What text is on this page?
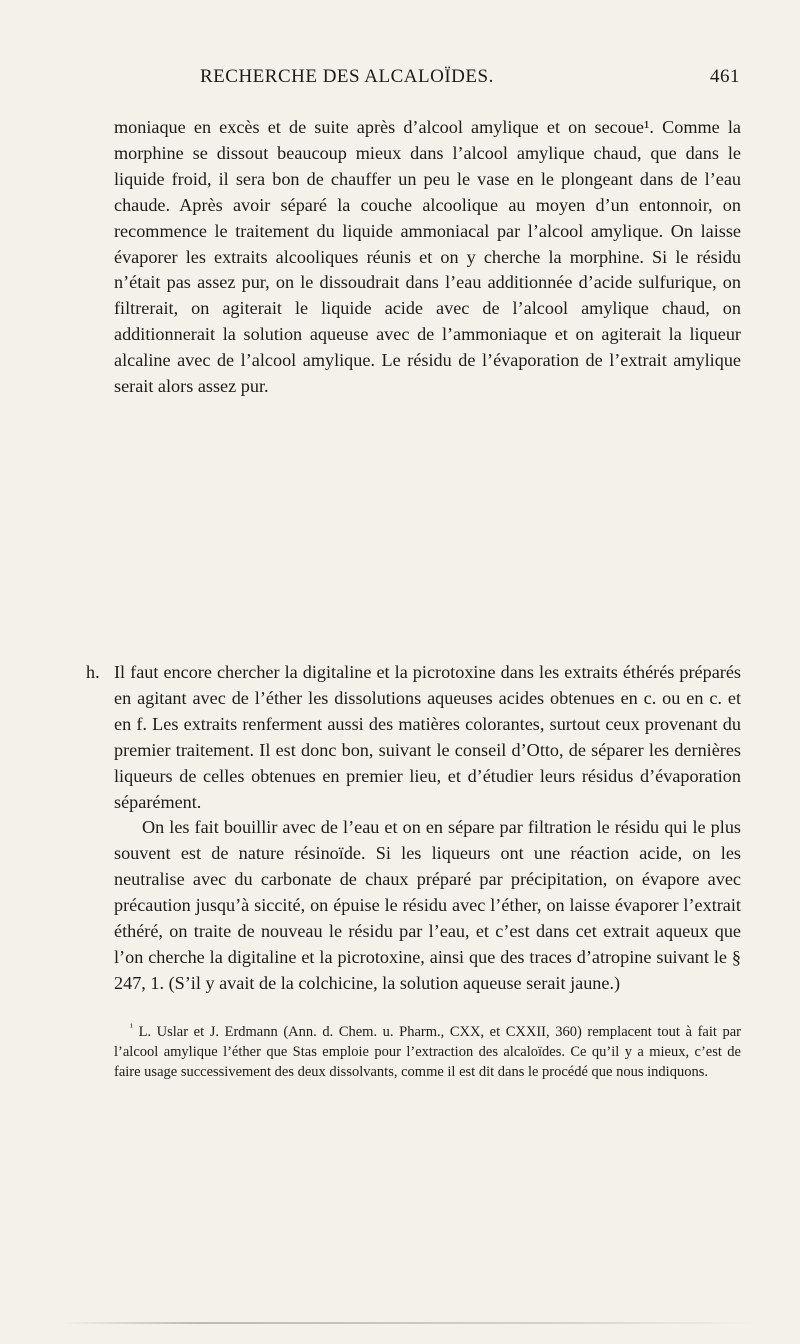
RECHERCHE DES ALCALOÏDES.	461

moniaque en excès et de suite après d’alcool amylique et on secoue¹. Comme la morphine se dissout beaucoup mieux dans l’alcool amylique chaud, que dans le liquide froid, il sera bon de chauffer un peu le vase en le plongeant dans de l’eau chaude. Après avoir séparé la couche alcoolique au moyen d’un entonnoir, on recommence le traitement du liquide ammoniacal par l’alcool amylique. On laisse évaporer les extraits alcooliques réunis et on y cherche la morphine. Si le résidu n’était pas assez pur, on le dissoudrait dans l’eau additionnée d’acide sulfurique, on filtrerait, on agiterait le liquide acide avec de l’alcool amylique chaud, on additionnerait la solution aqueuse avec de l’ammoniaque et on agiterait la liqueur alcaline avec de l’alcool amylique. Le résidu de l’évaporation de l’extrait amylique serait alors assez pur.

h. Il faut encore chercher la digitaline et la picrotoxine dans les extraits éthérés préparés en agitant avec de l’éther les dissolutions aqueuses acides obtenues en c. ou en c. et en f. Les extraits renferment aussi des matières colorantes, surtout ceux provenant du premier traitement. Il est donc bon, suivant le conseil d’Otto, de séparer les dernières liqueurs de celles obtenues en premier lieu, et d’étudier leurs résidus d’évaporation séparément.

On les fait bouillir avec de l’eau et on en sépare par filtration le résidu qui le plus souvent est de nature résinoïde. Si les liqueurs ont une réaction acide, on les neutralise avec du carbonate de chaux préparé par précipitation, on évapore avec précaution jusqu’à siccité, on épuise le résidu avec l’éther, on laisse évaporer l’extrait éthéré, on traite de nouveau le résidu par l’eau, et c’est dans cet extrait aqueux que l’on cherche la digitaline et la picrotoxine, ainsi que des traces d’atropine suivant le § 247, 1. (S’il y avait de la colchicine, la solution aqueuse serait jaune.)

$^{^1}$ L. Uslar et J. Erdmann (Ann. d. Chem. u. Pharm., CXX, et CXXII, 360) remplacent tout à fait par l’alcool amylique l’éther que Stas emploie pour l’extraction des alcaloïdes. Ce qu’il y a mieux, c’est de faire usage successivement des deux dissolvants, comme il est dit dans le procédé que nous indiquons.
